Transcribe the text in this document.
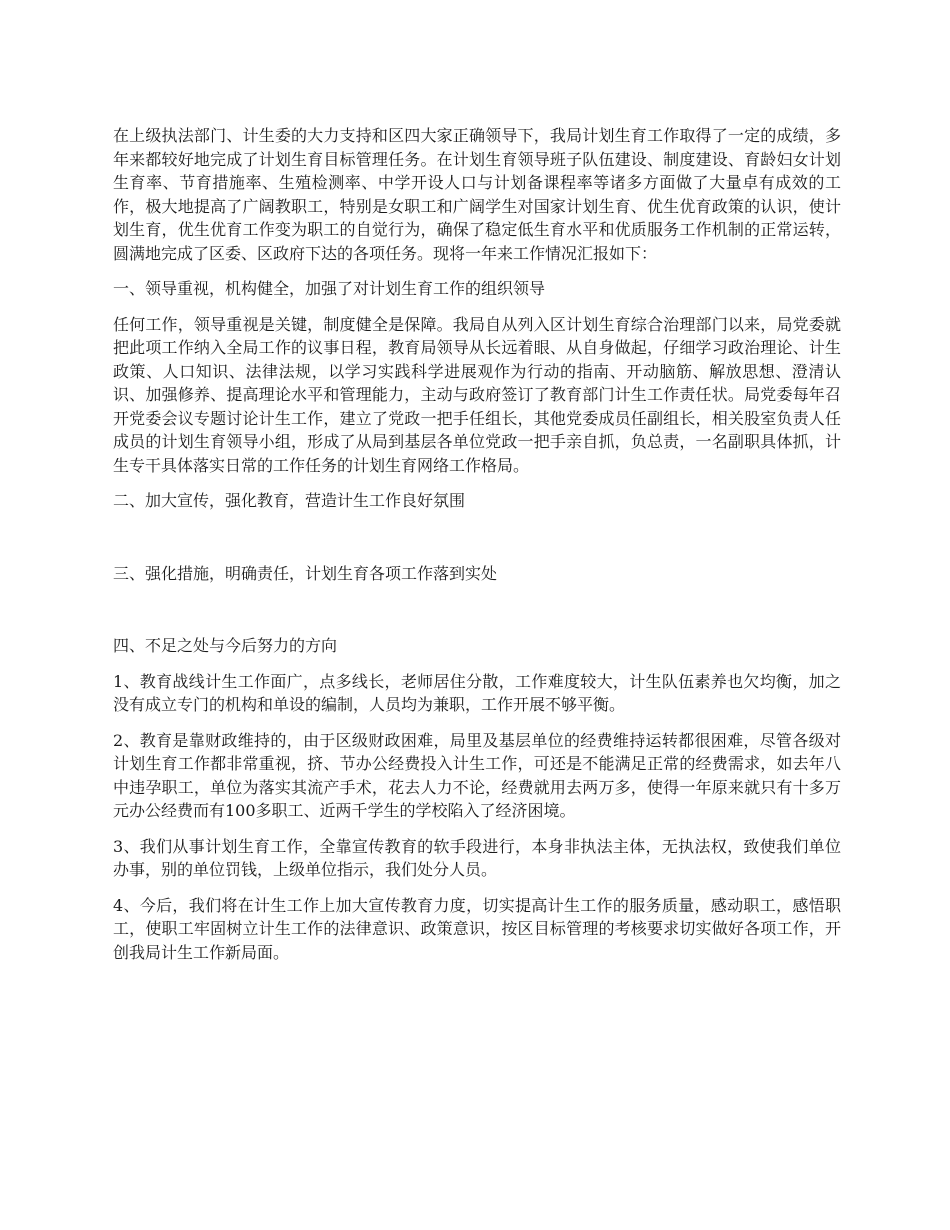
在上级执法部门、计生委的大力支持和区四大家正确领导下，我局计划生育工作取得了一定的成绩，多年来都较好地完成了计划生育目标管理任务。在计划生育领导班子队伍建设、制度建设、育龄妇女计划生育率、节育措施率、生殖检测率、中学开设人口与计划备课程率等诸多方面做了大量卓有成效的工作，极大地提高了广阔教职工，特别是女职工和广阔学生对国家计划生育、优生优育政策的认识，使计划生育，优生优育工作变为职工的自觉行为，确保了稳定低生育水平和优质服务工作机制的正常运转，圆满地完成了区委、区政府下达的各项任务。现将一年来工作情况汇报如下：

一、领导重视，机构健全，加强了对计划生育工作的组织领导

任何工作，领导重视是关键，制度健全是保障。我局自从列入区计划生育综合治理部门以来，局党委就把此项工作纳入全局工作的议事日程，教育局领导从长远着眼、从自身做起，仔细学习政治理论、计生政策、人口知识、法律法规，以学习实践科学进展观作为行动的指南、开动脑筋、解放思想、澄清认识、加强修养、提高理论水平和管理能力，主动与政府签订了教育部门计生工作责任状。局党委每年召开党委会议专题讨论计生工作，建立了党政一把手任组长，其他党委成员任副组长，相关股室负责人任成员的计划生育领导小组，形成了从局到基层各单位党政一把手亲自抓，负总责，一名副职具体抓，计生专干具体落实日常的工作任务的计划生育网络工作格局。

二、加大宣传，强化教育，营造计生工作良好氛围

三、强化措施，明确责任，计划生育各项工作落到实处

四、不足之处与今后努力的方向

1、教育战线计生工作面广，点多线长，老师居住分散，工作难度较大，计生队伍素养也欠均衡，加之没有成立专门的机构和单设的编制，人员均为兼职，工作开展不够平衡。

2、教育是靠财政维持的，由于区级财政困难，局里及基层单位的经费维持运转都很困难，尽管各级对计划生育工作都非常重视，挤、节办公经费投入计生工作，可还是不能满足正常的经费需求，如去年八中违孕职工，单位为落实其流产手术，花去人力不论，经费就用去两万多，使得一年原来就只有十多万元办公经费而有100多职工、近两千学生的学校陷入了经济困境。

3、我们从事计划生育工作，全靠宣传教育的软手段进行，本身非执法主体，无执法权，致使我们单位办事，别的单位罚钱，上级单位指示，我们处分人员。

4、今后，我们将在计生工作上加大宣传教育力度，切实提高计生工作的服务质量，感动职工，感悟职工，使职工牢固树立计生工作的法律意识、政策意识，按区目标管理的考核要求切实做好各项工作，开创我局计生工作新局面。
